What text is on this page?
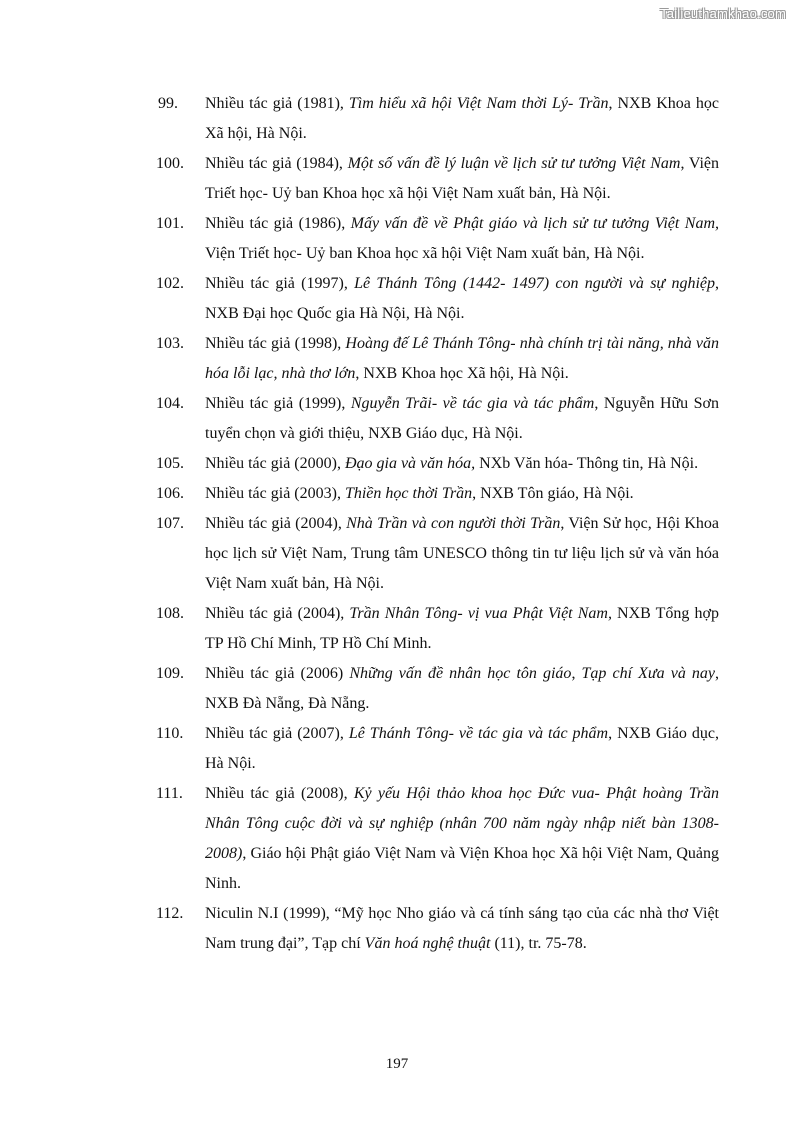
Tailieuthamkhao.com
99.	Nhiều tác giả (1981), Tìm hiểu xã hội Việt Nam thời Lý- Trần, NXB Khoa học Xã hội, Hà Nội.
100.	Nhiều tác giả (1984), Một số vấn đề lý luận về lịch sử tư tưởng Việt Nam, Viện Triết học- Uỷ ban Khoa học xã hội Việt Nam xuất bản, Hà Nội.
101.	Nhiều tác giả (1986), Mấy vấn đề về Phật giáo và lịch sử tư tưởng Việt Nam, Viện Triết học- Uỷ ban Khoa học xã hội Việt Nam xuất bản, Hà Nội.
102.	Nhiều tác giả (1997), Lê Thánh Tông (1442- 1497) con người và sự nghiệp, NXB Đại học Quốc gia Hà Nội, Hà Nội.
103.	Nhiều tác giả (1998), Hoàng đế Lê Thánh Tông- nhà chính trị tài năng, nhà văn hóa lỗi lạc, nhà thơ lớn, NXB Khoa học Xã hội, Hà Nội.
104.	Nhiều tác giả (1999), Nguyễn Trãi- về tác gia và tác phẩm, Nguyễn Hữu Sơn tuyển chọn và giới thiệu, NXB Giáo dục, Hà Nội.
105.	Nhiều tác giả (2000), Đạo gia và văn hóa, NXb Văn hóa- Thông tin, Hà Nội.
106.	Nhiều tác giả (2003), Thiền học thời Trần, NXB Tôn giáo, Hà Nội.
107.	Nhiều tác giả (2004), Nhà Trần và con người thời Trần, Viện Sử học, Hội Khoa học lịch sử Việt Nam, Trung tâm UNESCO thông tin tư liệu lịch sử và văn hóa Việt Nam xuất bản, Hà Nội.
108.	Nhiều tác giả (2004), Trần Nhân Tông- vị vua Phật Việt Nam, NXB Tổng hợp TP Hồ Chí Minh, TP Hồ Chí Minh.
109.	Nhiều tác giả (2006) Những vấn đề nhân học tôn giáo, Tạp chí Xưa và nay, NXB Đà Nẵng, Đà Nẵng.
110.	Nhiều tác giả (2007), Lê Thánh Tông- về tác gia và tác phẩm, NXB Giáo dục, Hà Nội.
111.	Nhiều tác giả (2008), Kỷ yếu Hội thảo khoa học Đức vua- Phật hoàng Trần Nhân Tông cuộc đời và sự nghiệp (nhân 700 năm ngày nhập niết bàn 1308-2008), Giáo hội Phật giáo Việt Nam và Viện Khoa học Xã hội Việt Nam, Quảng Ninh.
112.	Niculin N.I (1999), “Mỹ học Nho giáo và cá tính sáng tạo của các nhà thơ Việt Nam trung đại”, Tạp chí Văn hoá nghệ thuật (11), tr. 75-78.
197
